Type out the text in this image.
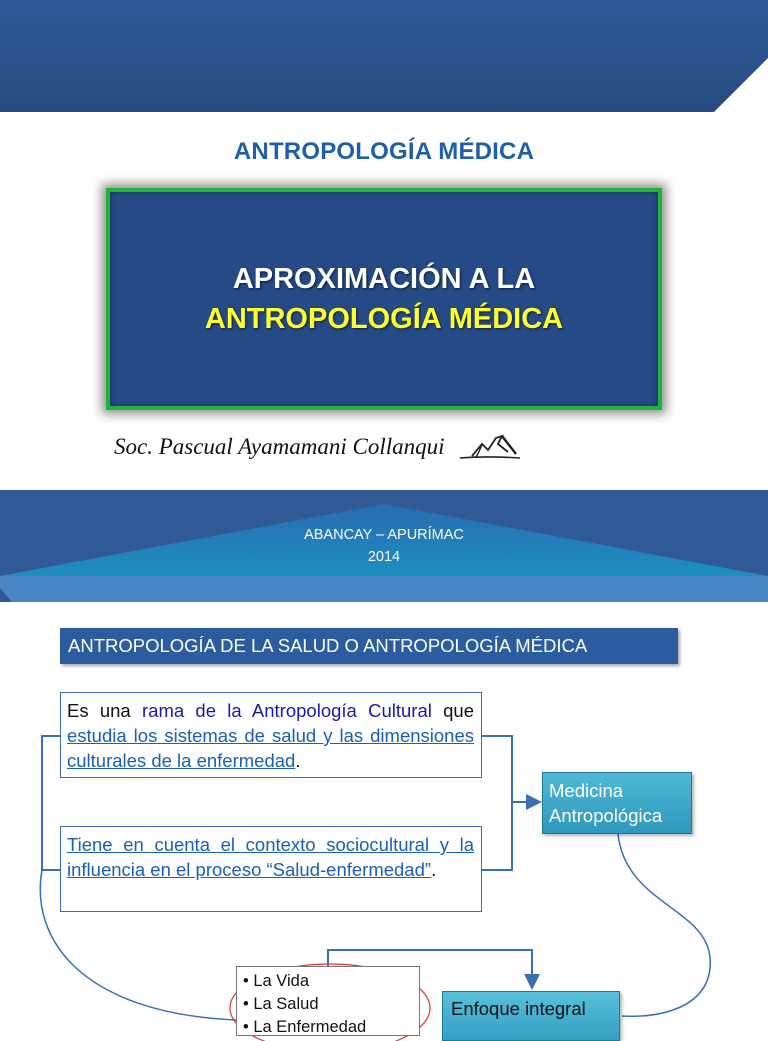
ANTROPOLOGÍA MÉDICA
APROXIMACIÓN A LA
ANTROPOLOGÍA MÉDICA
Soc. Pascual Ayamamani Collanqui
ABANCAY – APURÍMAC
2014
ANTROPOLOGÍA DE LA SALUD O ANTROPOLOGÍA MÉDICA
Es una rama de la Antropología Cultural que estudia los sistemas de salud y las dimensiones culturales de la enfermedad.
Tiene en cuenta el contexto sociocultural y la influencia en el proceso “Salud-enfermedad”.
Medicina Antropológica
• La Vida
• La Salud
• La Enfermedad
Enfoque integral
